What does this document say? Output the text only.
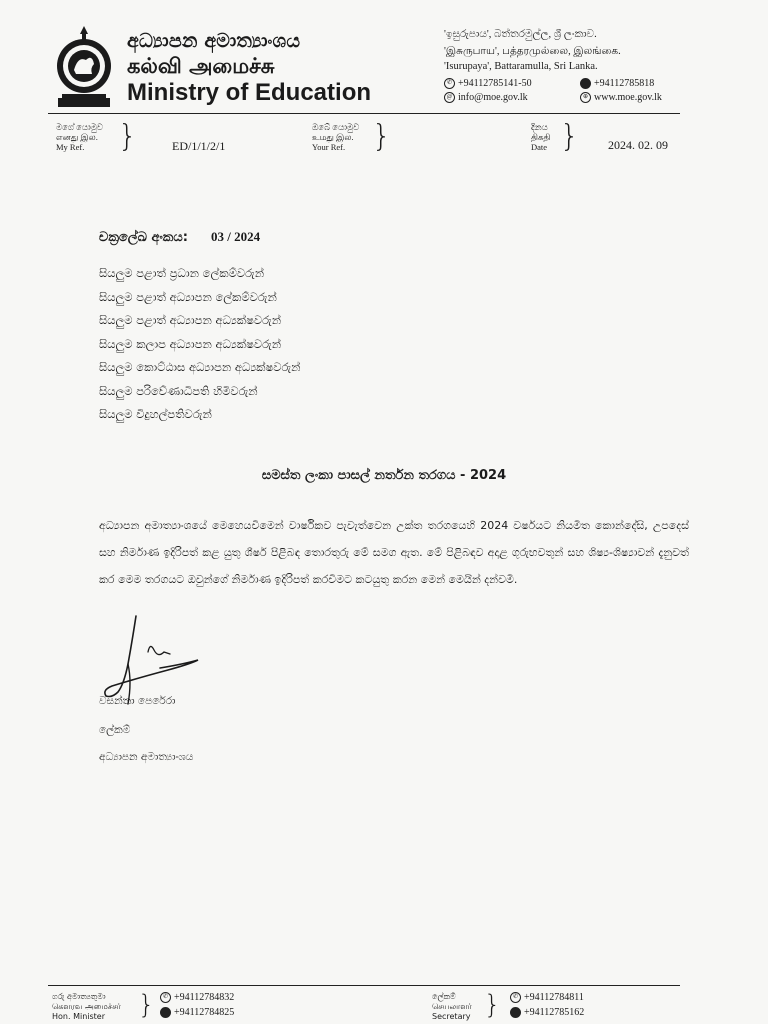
අධ්‍යාපන අමාත්‍යාංශය
கல்வி அமைச்சு
Ministry of Education
'ඉසුරුපාය', බත්තරමුල්ල, ශ්‍රී ලංකාව.
'இசுருபாய', பத்தரமுல்லை, இலங்கை.
'Isurupaya', Battaramulla, Sri Lanka.
✆ +94112785141-50	+94112785818
@ info@moe.gov.lk	⊕ www.moe.gov.lk
මගේ යොමුව
எனது இல.
My Ref.	}	ED/1/1/2/1
ඔබේ යොමුව
உமது இல.
Your Ref. }	දිනය
திகதி
Date } 2024. 02. 09
චක්‍රලේඛ අංකය: 03 / 2024
සියලුම පළාත් ප්‍රධාන ලේකම්වරුන්
සියලුම පළාත් අධ්‍යාපන ලේකම්වරුන්
සියලුම පළාත් අධ්‍යාපන අධ්‍යක්ෂවරුන්
සියලුම කලාප අධ්‍යාපන අධ්‍යක්ෂවරුන්
සියලුම කොට්ඨාස අධ්‍යාපන අධ්‍යක්ෂවරුන්
සියලුම පරිවේණාධිපති හිමිවරුන්
සියලුම විදුහල්පතිවරුන්
සමස්ත ලංකා පාසල් නර්තන තරගය - 2024
අධ්‍යාපන අමාත්‍යාංශයේ මෙහෙයවීමෙන් වාර්ෂිකව පැවැත්වෙන උක්ත තරගයෙහි 2024 වර්ෂයට නියමිත කොන්දේසි, උපදෙස් සහ නිර්මාණ ඉදිරිපත් කළ යුතු ශීර්ෂ පිළිබඳ තොරතුරු මේ සමග ඇත. මේ පිළිබඳව අදාළ ගුරුභවතුන් සහ ශිෂ්‍ය-ශිෂ්‍යාවන් දැනුවත් කර මෙම තරගයට ඔවුන්ගේ නිර්මාණ ඉදිරිපත් කරවීමට කටයුතු කරන මෙන් මෙයින් දන්වමි.
වසන්තා පෙරේරා
ලේකම්
අධ්‍යාපන අමාත්‍යාංශය
ගරු අමාත්‍යතුමා
கௌரவ அமைச்சர்
Hon. Minister	}	✆ +94112784832
+94112784825
ලේකම්
செயலாளர்
Secretary }	✆ +94112784811
+94112785162
